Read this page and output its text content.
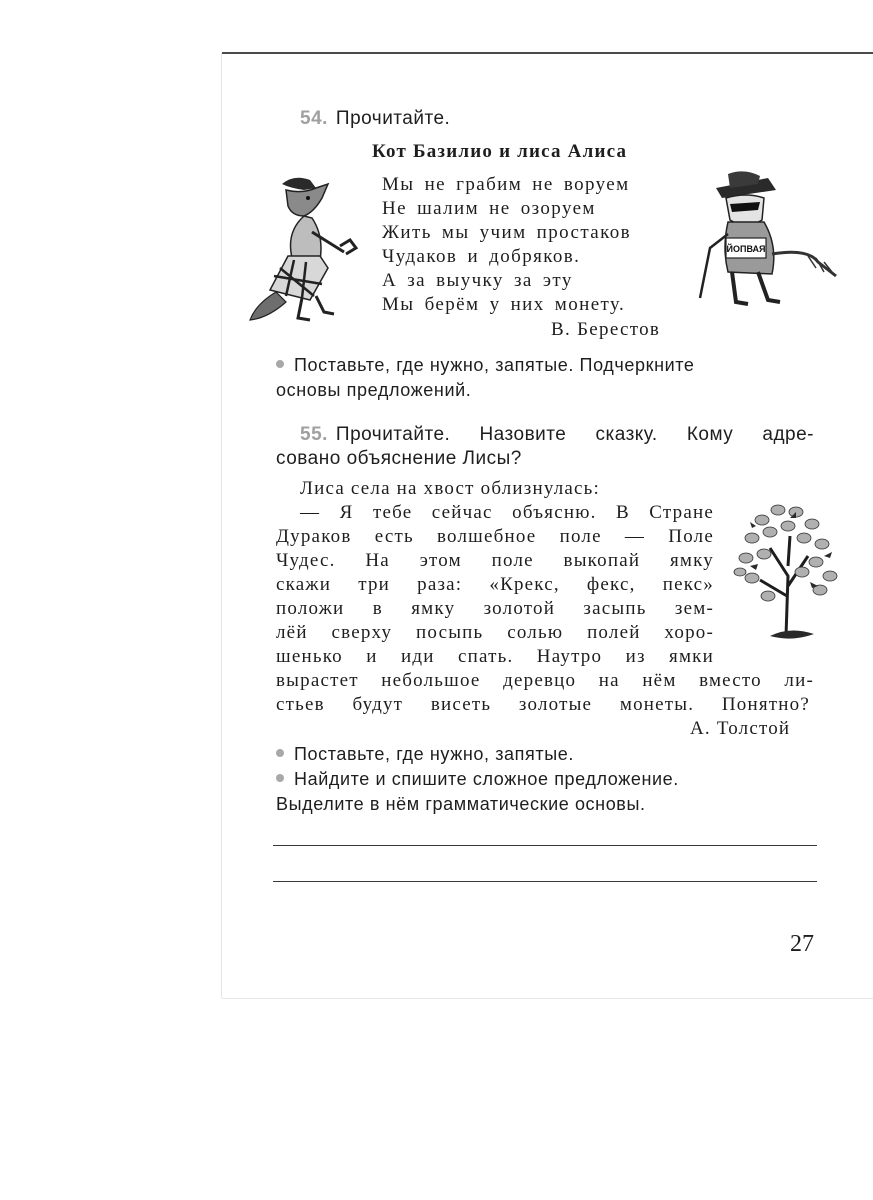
54. Прочитайте.
Кот Базилио и лиса Алиса
Мы не грабим не воруем
Не шалим не озоруем
Жить мы учим простаков
Чудаков и добряков.
А за выучку за эту
Мы берём у них монету.
В. Берестов
ЙОПВАЯ
Поставьте, где нужно, запятые. Подчеркните
основы предложений.
55. Прочитайте. Назовите сказку. Кому адре-
совано объяснение Лисы?
Лиса села на хвост облизнулась:
— Я тебе сейчас объясню. В Стране
Дураков есть волшебное поле — Поле
Чудес. На этом поле выкопай ямку
скажи три раза: «Крекс, фекс, пекс»
положи в ямку золотой засыпь зем-
лёй сверху посыпь солью полей хоро-
шенько и иди спать. Наутро из ямки
вырастет небольшое деревцо на нём вместо ли-
стьев будут висеть золотые монеты. Понятно?
А. Толстой
Поставьте, где нужно, запятые.
Найдите и спишите сложное предложение.
Выделите в нём грамматические основы.
27
